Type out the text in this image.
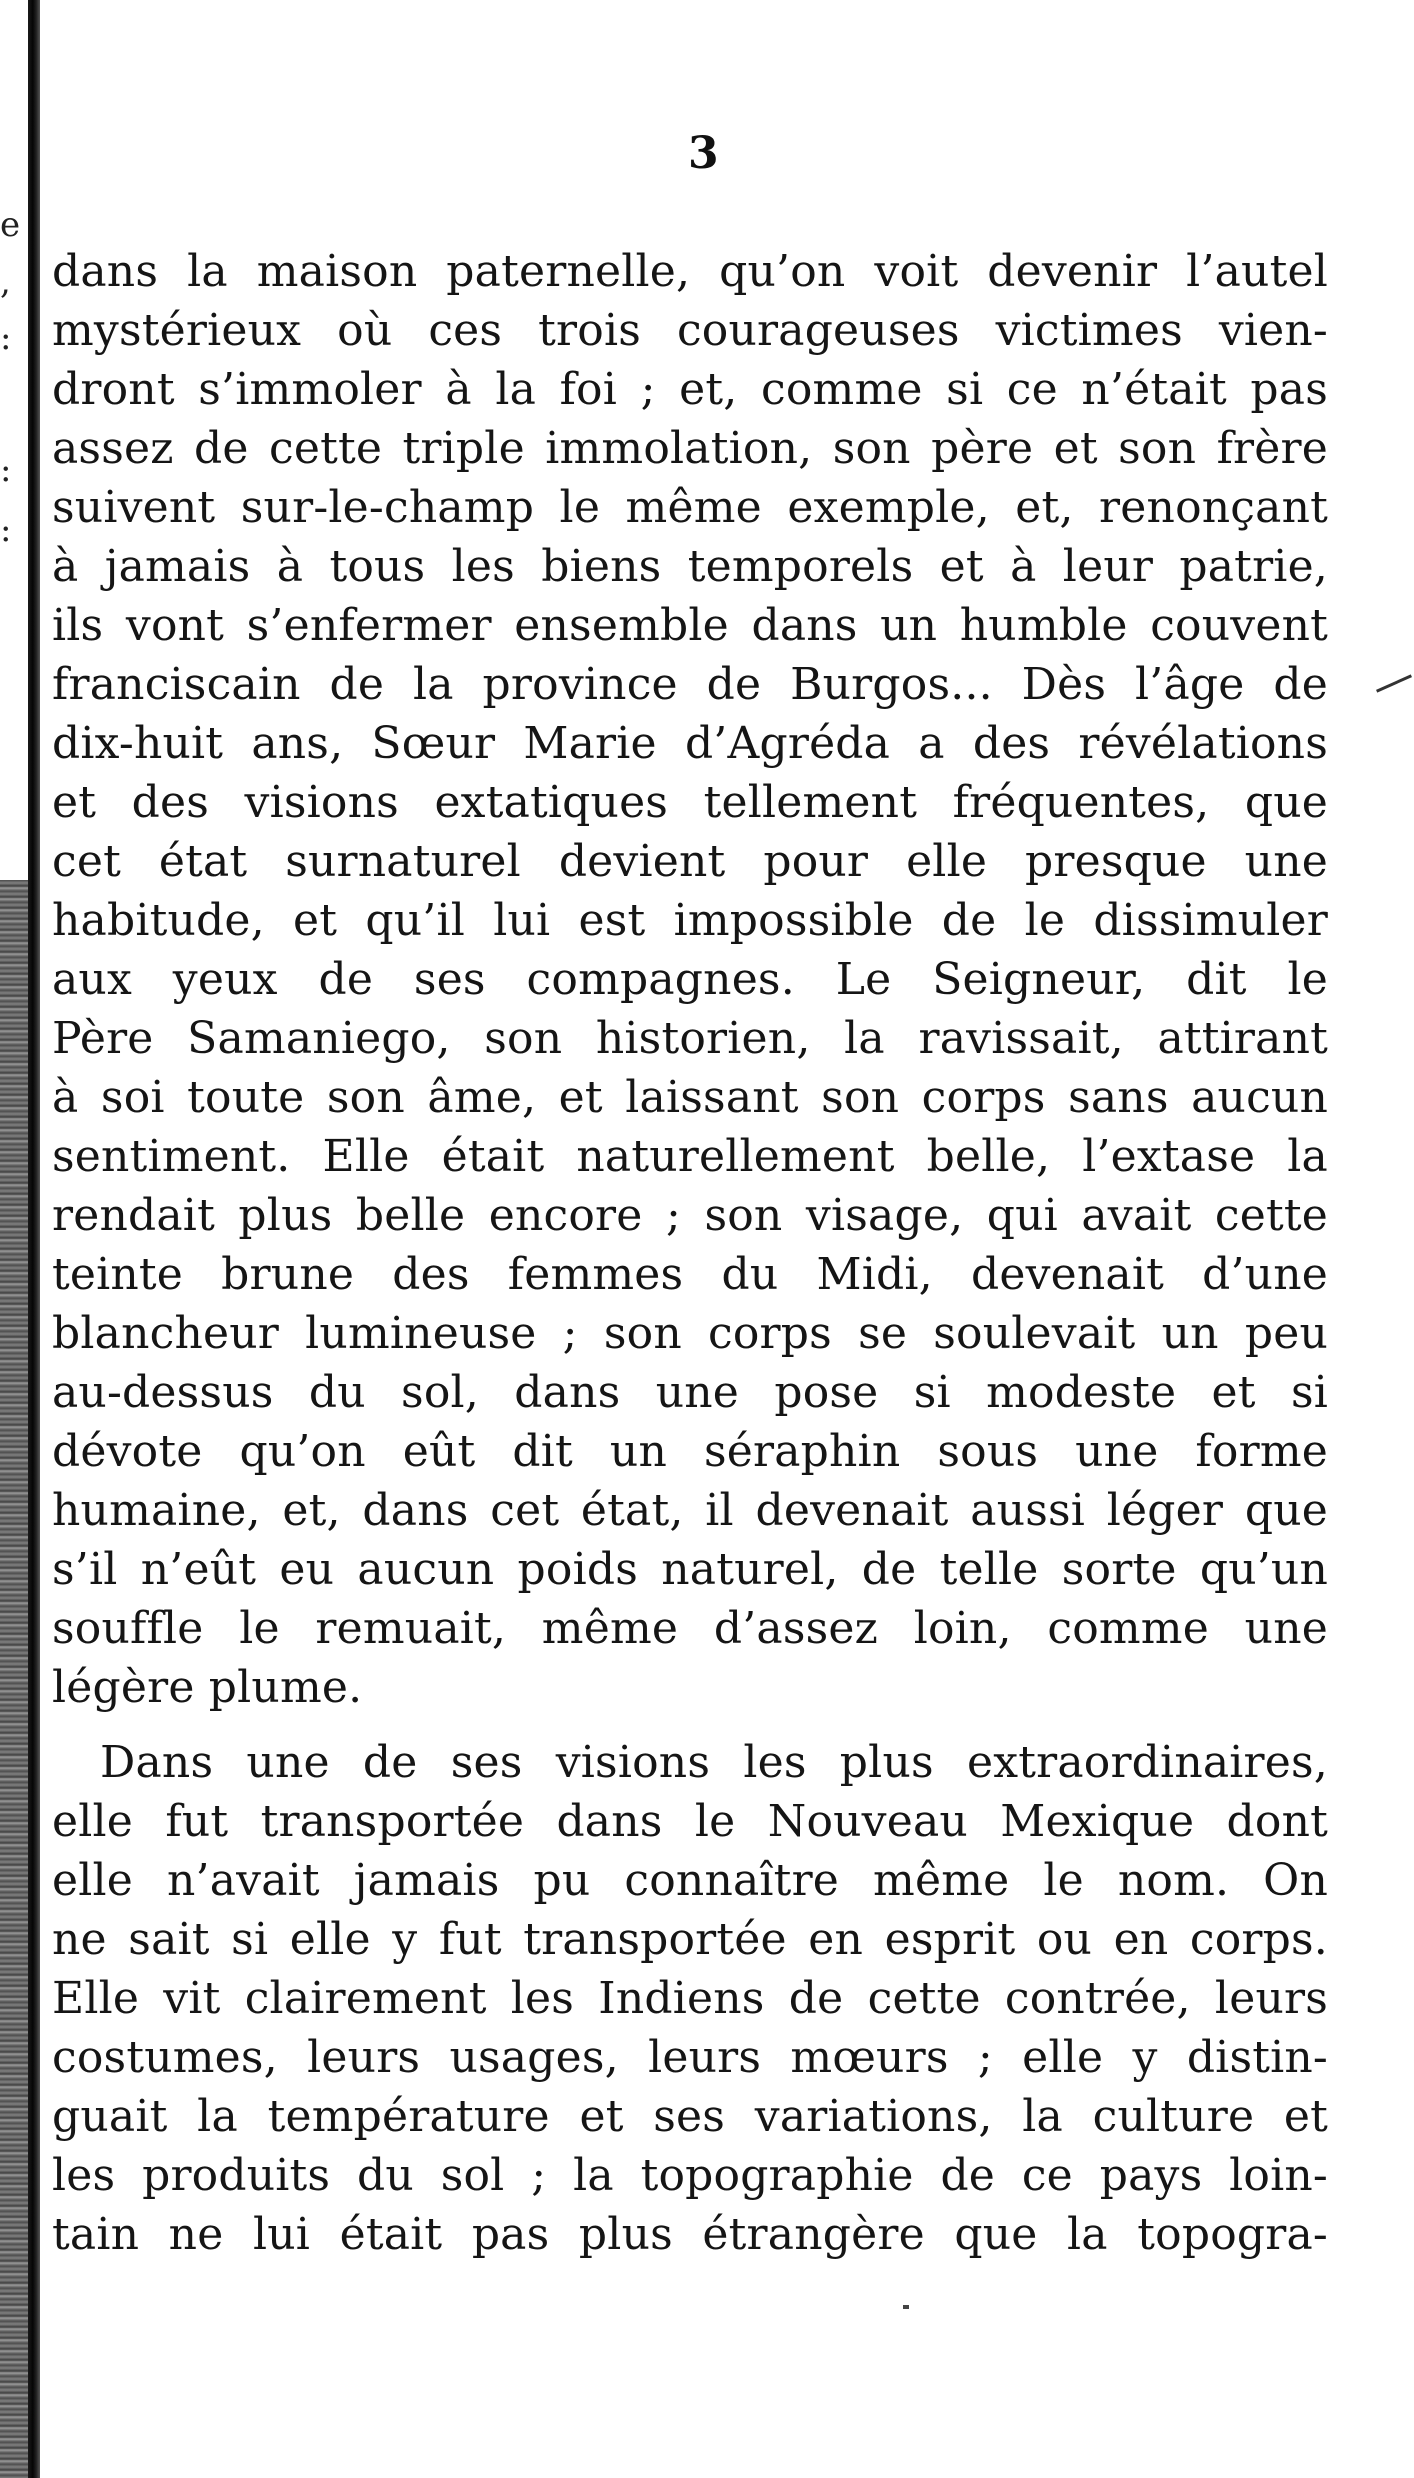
e
,
:
:
:
3
dans la maison paternelle, qu’on voit devenir l’autel
mystérieux où ces trois courageuses victimes vien-
dront s’immoler à la foi ; et, comme si ce n’était pas
assez de cette triple immolation, son père et son frère
suivent sur-le-champ le même exemple, et, renonçant
à jamais à tous les biens temporels et à leur patrie,
ils vont s’enfermer ensemble dans un humble couvent
franciscain de la province de Burgos... Dès l’âge de
dix-huit ans, Sœur Marie d’Agréda a des révélations
et des visions extatiques tellement fréquentes, que
cet état surnaturel devient pour elle presque une
habitude, et qu’il lui est impossible de le dissimuler
aux yeux de ses compagnes. Le Seigneur, dit le
Père Samaniego, son historien, la ravissait, attirant
à soi toute son âme, et laissant son corps sans aucun
sentiment. Elle était naturellement belle, l’extase la
rendait plus belle encore ; son visage, qui avait cette
teinte brune des femmes du Midi, devenait d’une
blancheur lumineuse ; son corps se soulevait un peu
au-dessus du sol, dans une pose si modeste et si
dévote qu’on eût dit un séraphin sous une forme
humaine, et, dans cet état, il devenait aussi léger que
s’il n’eût eu aucun poids naturel, de telle sorte qu’un
souffle le remuait, même d’assez loin, comme une
légère plume.
Dans une de ses visions les plus extraordinaires,
elle fut transportée dans le Nouveau Mexique dont
elle n’avait jamais pu connaître même le nom. On
ne sait si elle y fut transportée en esprit ou en corps.
Elle vit clairement les Indiens de cette contrée, leurs
costumes, leurs usages, leurs mœurs ; elle y distin-
guait la température et ses variations, la culture et
les produits du sol ; la topographie de ce pays loin-
tain ne lui était pas plus étrangère que la topogra-
